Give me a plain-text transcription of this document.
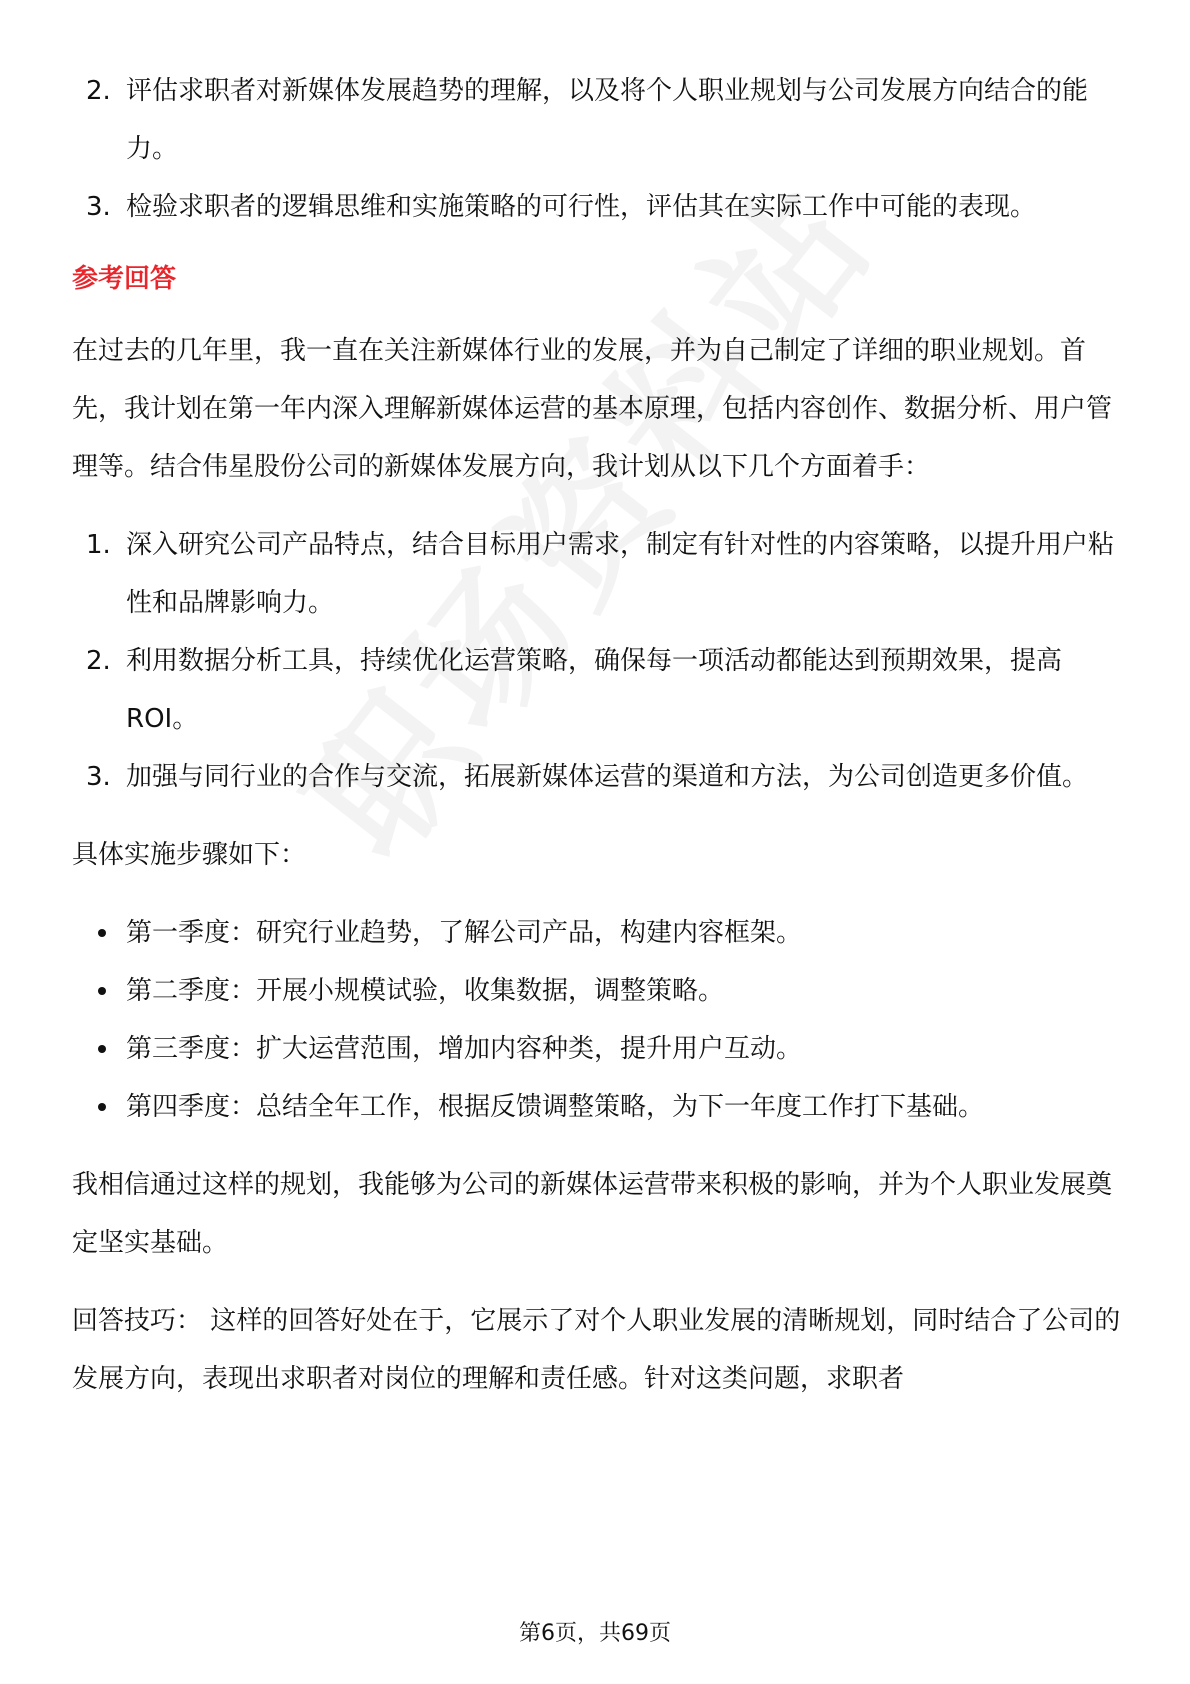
2. 评估求职者对新媒体发展趋势的理解，以及将个人职业规划与公司发展方向结合的能力。

3. 检验求职者的逻辑思维和实施策略的可行性，评估其在实际工作中可能的表现。

参考回答

在过去的几年里，我一直在关注新媒体行业的发展，并为自己制定了详细的职业规划。首先，我计划在第一年内深入理解新媒体运营的基本原理，包括内容创作、数据分析、用户管理等。结合伟星股份公司的新媒体发展方向，我计划从以下几个方面着手：

1. 深入研究公司产品特点，结合目标用户需求，制定有针对性的内容策略，以提升用户粘性和品牌影响力。

2. 利用数据分析工具，持续优化运营策略，确保每一项活动都能达到预期效果，提高ROI。

3. 加强与同行业的合作与交流，拓展新媒体运营的渠道和方法，为公司创造更多价值。

具体实施步骤如下：

第一季度：研究行业趋势，了解公司产品，构建内容框架。

第二季度：开展小规模试验，收集数据，调整策略。

第三季度：扩大运营范围，增加内容种类，提升用户互动。

第四季度：总结全年工作，根据反馈调整策略，为下一年度工作打下基础。

我相信通过这样的规划，我能够为公司的新媒体运营带来积极的影响，并为个人职业发展奠定坚实基础。

回答技巧： 这样的回答好处在于，它展示了对个人职业发展的清晰规划，同时结合了公司的发展方向，表现出求职者对岗位的理解和责任感。针对这类问题，求职者

第6页，共69页
